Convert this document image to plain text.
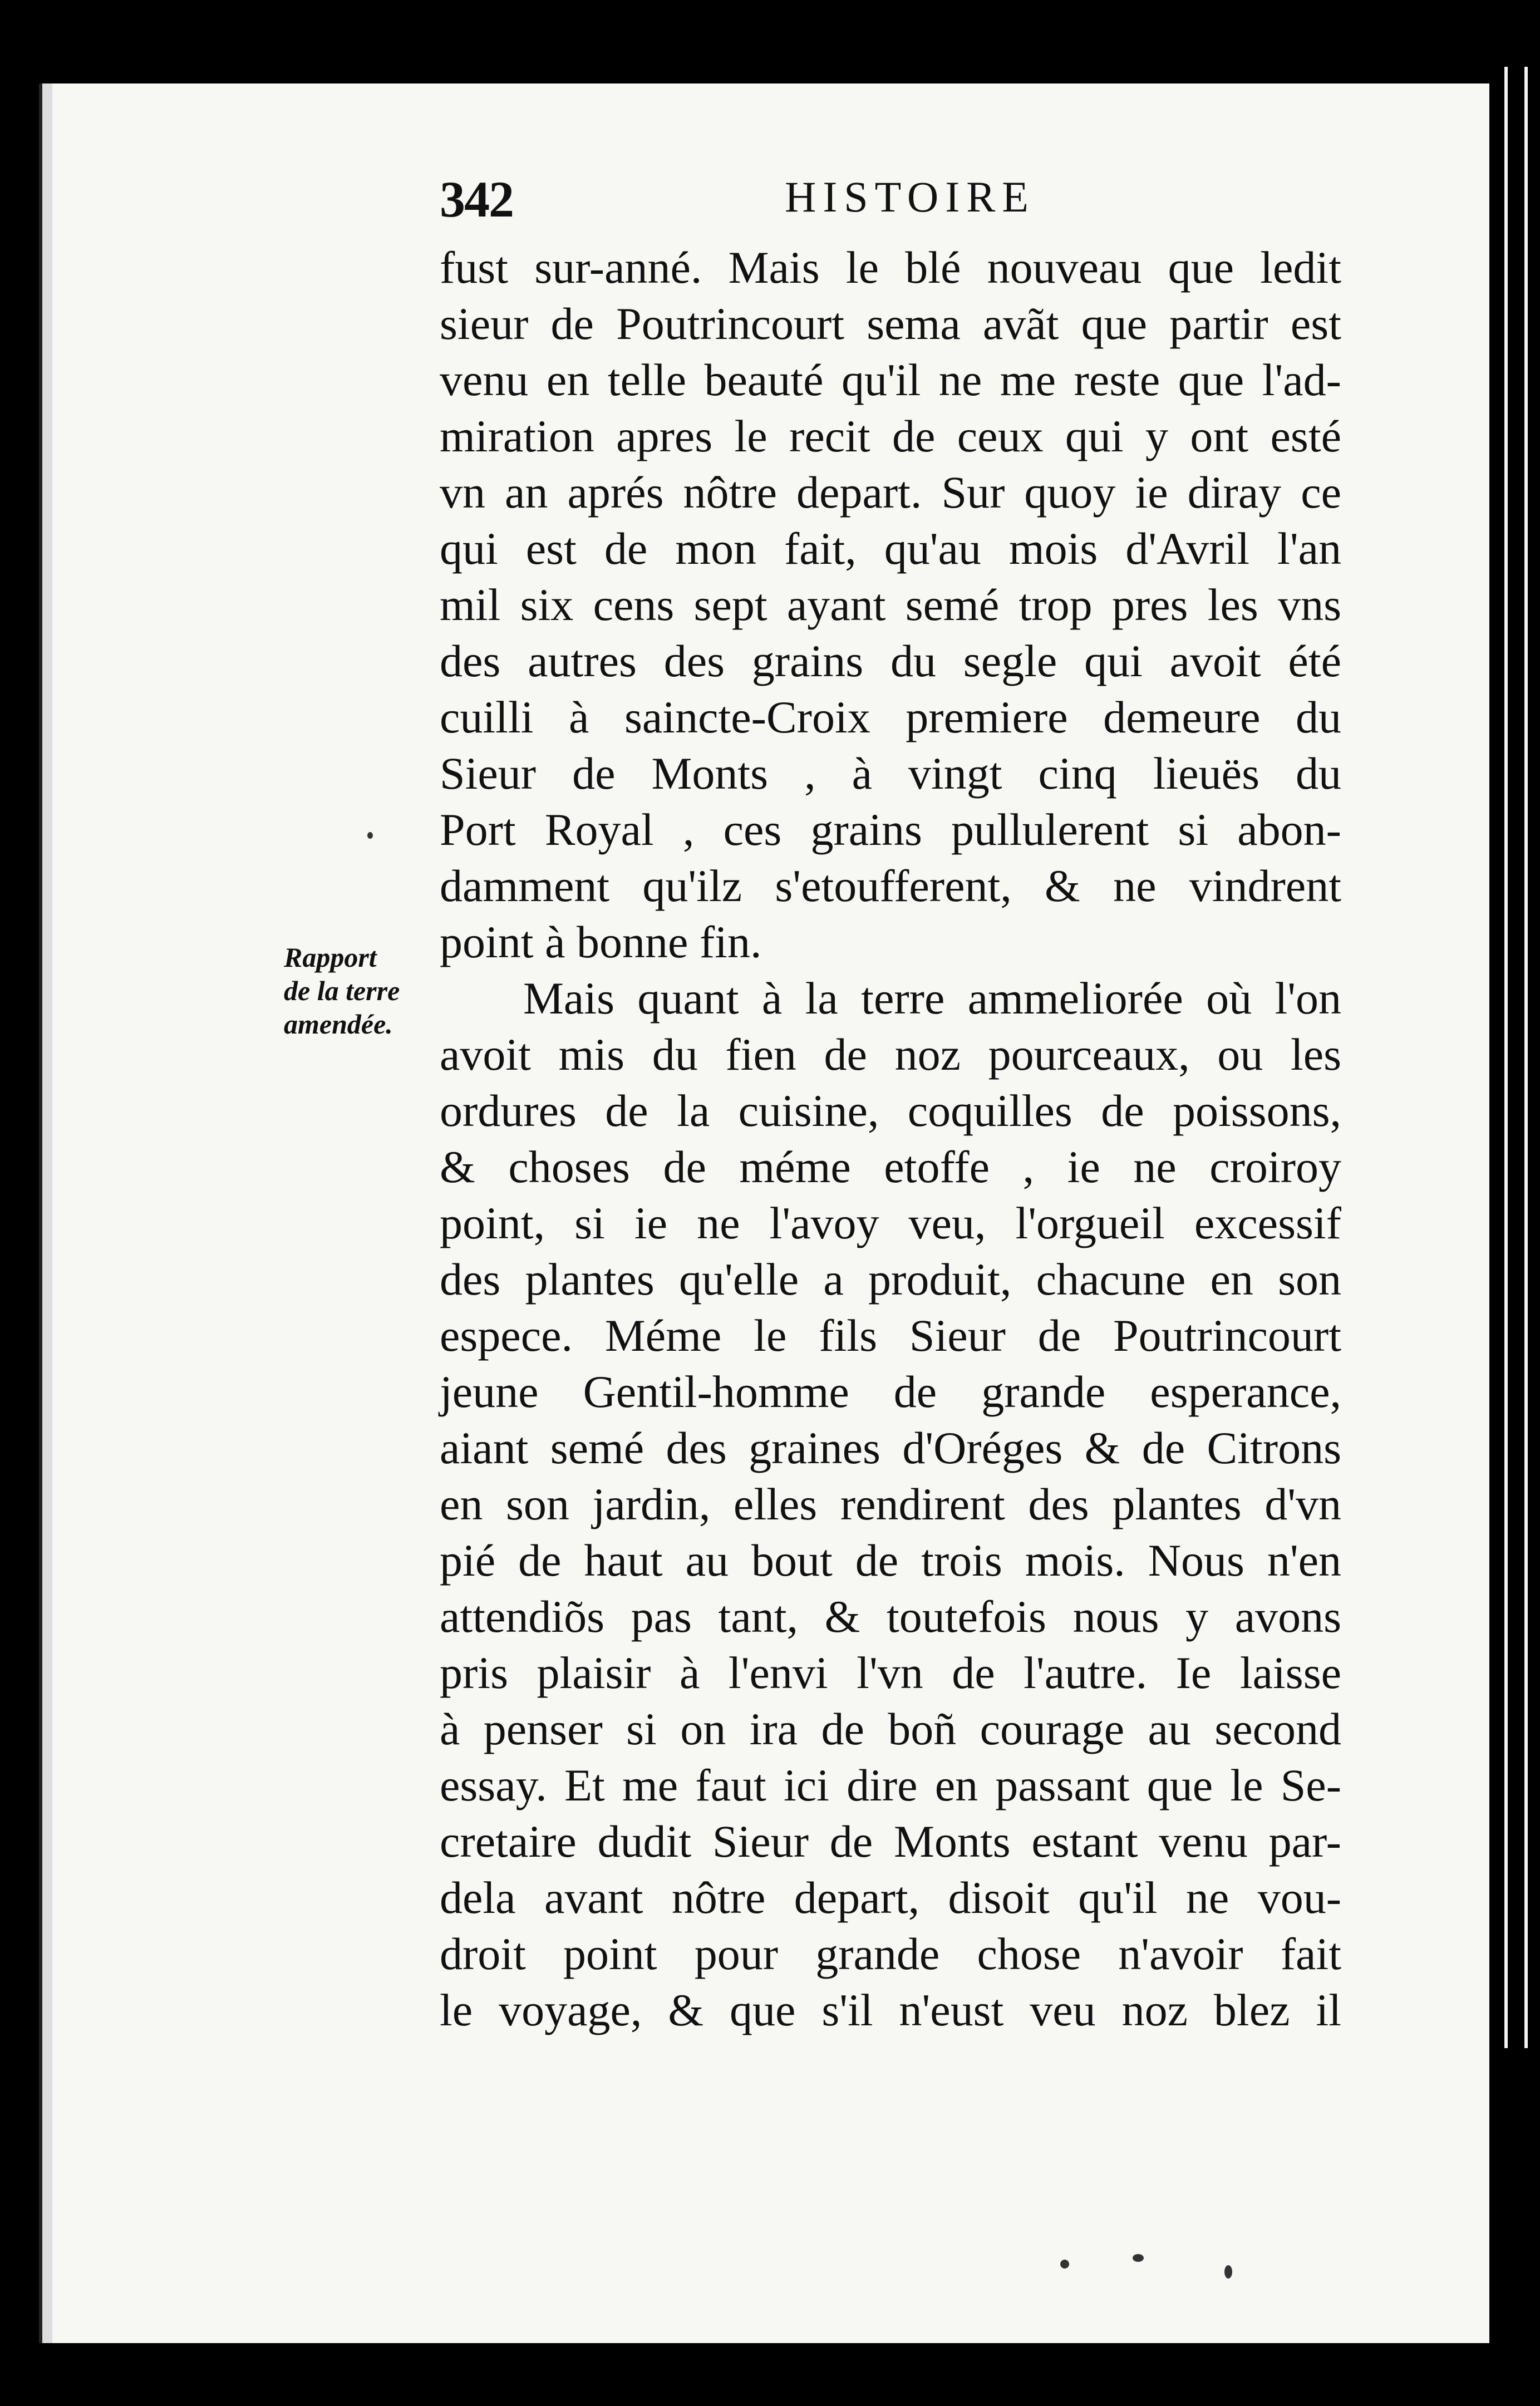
342	HISTOIRE
Rapport
de la terre
amendée.
fust sur-anné. Mais le blé nouveau que ledit
sieur de Poutrincourt sema avãt que partir est
venu en telle beauté qu'il ne me reste que l'ad-
miration apres le recit de ceux qui y ont esté
vn an aprés nôtre depart. Sur quoy ie diray ce
qui est de mon fait, qu'au mois d'Avril l'an
mil six cens sept ayant semé trop pres les vns
des autres des grains du segle qui avoit été
cuilli à saincte-Croix premiere demeure du
Sieur de Monts , à vingt cinq lieuës du
Port Royal , ces grains pullulerent si abon-
damment qu'ilz s'etoufferent, & ne vindrent
point à bonne fin.
Mais quant à la terre ammeliorée où l'on
avoit mis du fien de noz pourceaux, ou les
ordures de la cuisine, coquilles de poissons,
& choses de méme etoffe , ie ne croiroy
point, si ie ne l'avoy veu, l'orgueil excessif
des plantes qu'elle a produit, chacune en son
espece. Méme le fils Sieur de Poutrincourt
jeune Gentil-homme de grande esperance,
aiant semé des graines d'Oréges & de Citrons
en son jardin, elles rendirent des plantes d'vn
pié de haut au bout de trois mois. Nous n'en
attendiõs pas tant, & toutefois nous y avons
pris plaisir à l'envi l'vn de l'autre. Ie laisse
à penser si on ira de boñ courage au second
essay. Et me faut ici dire en passant que le Se-
cretaire dudit Sieur de Monts estant venu par-
dela avant nôtre depart, disoit qu'il ne vou-
droit point pour grande chose n'avoir fait
le voyage, & que s'il n'eust veu noz blez il
